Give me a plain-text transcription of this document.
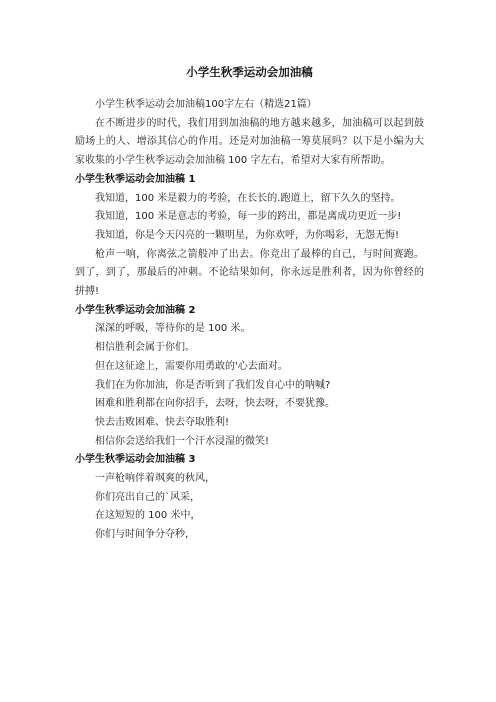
小学生秋季运动会加油稿

小学生秋季运动会加油稿100字左右（精选21篇）

在不断进步的时代，我们用到加油稿的地方越来越多，加油稿可以起到鼓励场上的人、增添其信心的作用。还是对加油稿一筹莫展吗？以下是小编为大家收集的小学生秋季运动会加油稿 100 字左右，希望对大家有所帮助。

小学生秋季运动会加油稿 1

我知道，100 米是毅力的考验，在长长的.跑道上，留下久久的坚持。

我知道，100 米是意志的考验，每一步的跨出，都是离成功更近一步!

我知道，你是今天闪亮的一颗明星，为你欢呼，为你喝彩，无怨无悔!

枪声一响，你离弦之箭般冲了出去。你竞出了最棒的自己，与时间赛跑。到了，到了，那最后的冲刺。不论结果如何，你永远是胜利者，因为你曾经的拼搏!

小学生秋季运动会加油稿 2

深深的呼吸，等待你的是 100 米。

相信胜利会属于你们。

但在这征途上，需要你用勇敢的'心去面对。

我们在为你加油，你是否听到了我们发自心中的呐喊?

困难和胜利都在向你招手，去呀，快去呀，不要犹豫。

快去击败困难、快去夺取胜利!

相信你会送给我们一个汗水浸湿的微笑!

小学生秋季运动会加油稿 3

一声枪响伴着飒爽的秋风，

你们亮出自己的`风采，

在这短短的 100 米中，

你们与时间争分夺秒，
